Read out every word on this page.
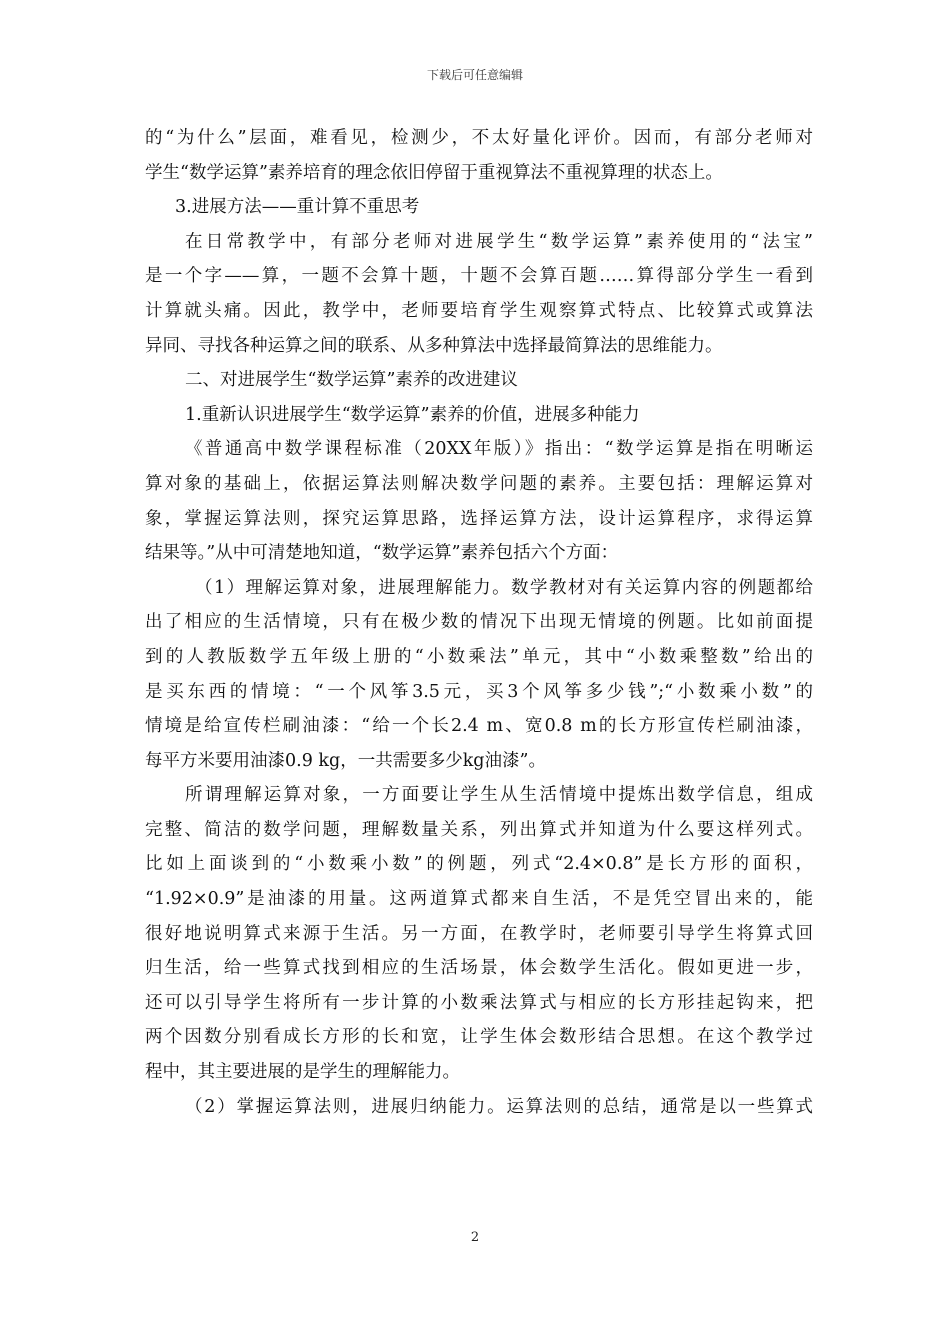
下载后可任意编辑
的“为什么”层面，难看见，检测少，不太好量化评价。因而，有部分老师对
学生“数学运算”素养培育的理念依旧停留于重视算法不重视算理的状态上。
3.进展方法——重计算不重思考
在日常教学中，有部分老师对进展学生“数学运算”素养使用的“法宝”
是一个字——算，一题不会算十题，十题不会算百题……算得部分学生一看到
计算就头痛。因此，教学中，老师要培育学生观察算式特点、比较算式或算法
异同、寻找各种运算之间的联系、从多种算法中选择最简算法的思维能力。
二、对进展学生“数学运算”素养的改进建议
1.重新认识进展学生“数学运算”素养的价值，进展多种能力
《普通高中数学课程标准（20XX年版）》指出：“数学运算是指在明晰运
算对象的基础上，依据运算法则解决数学问题的素养。主要包括：理解运算对
象，掌握运算法则，探究运算思路，选择运算方法，设计运算程序，求得运算
结果等。”从中可清楚地知道，“数学运算”素养包括六个方面：
（1）理解运算对象，进展理解能力。数学教材对有关运算内容的例题都给
出了相应的生活情境，只有在极少数的情况下出现无情境的例题。比如前面提
到的人教版数学五年级上册的“小数乘法”单元，其中“小数乘整数”给出的
是买东西的情境：“一个风筝3.5元，买3个风筝多少钱”;“小数乘小数”的
情境是给宣传栏刷油漆：“给一个长2.4 m、宽0.8 m的长方形宣传栏刷油漆，
每平方米要用油漆0.9 kg，一共需要多少kg油漆”。
所谓理解运算对象，一方面要让学生从生活情境中提炼出数学信息，组成
完整、简洁的数学问题，理解数量关系，列出算式并知道为什么要这样列式。
比如上面谈到的“小数乘小数”的例题，列式“2.4×0.8”是长方形的面积，
“1.92×0.9”是油漆的用量。这两道算式都来自生活，不是凭空冒出来的，能
很好地说明算式来源于生活。另一方面，在教学时，老师要引导学生将算式回
归生活，给一些算式找到相应的生活场景，体会数学生活化。假如更进一步，
还可以引导学生将所有一步计算的小数乘法算式与相应的长方形挂起钩来，把
两个因数分别看成长方形的长和宽，让学生体会数形结合思想。在这个教学过
程中，其主要进展的是学生的理解能力。
（2）掌握运算法则，进展归纳能力。运算法则的总结，通常是以一些算式
2
